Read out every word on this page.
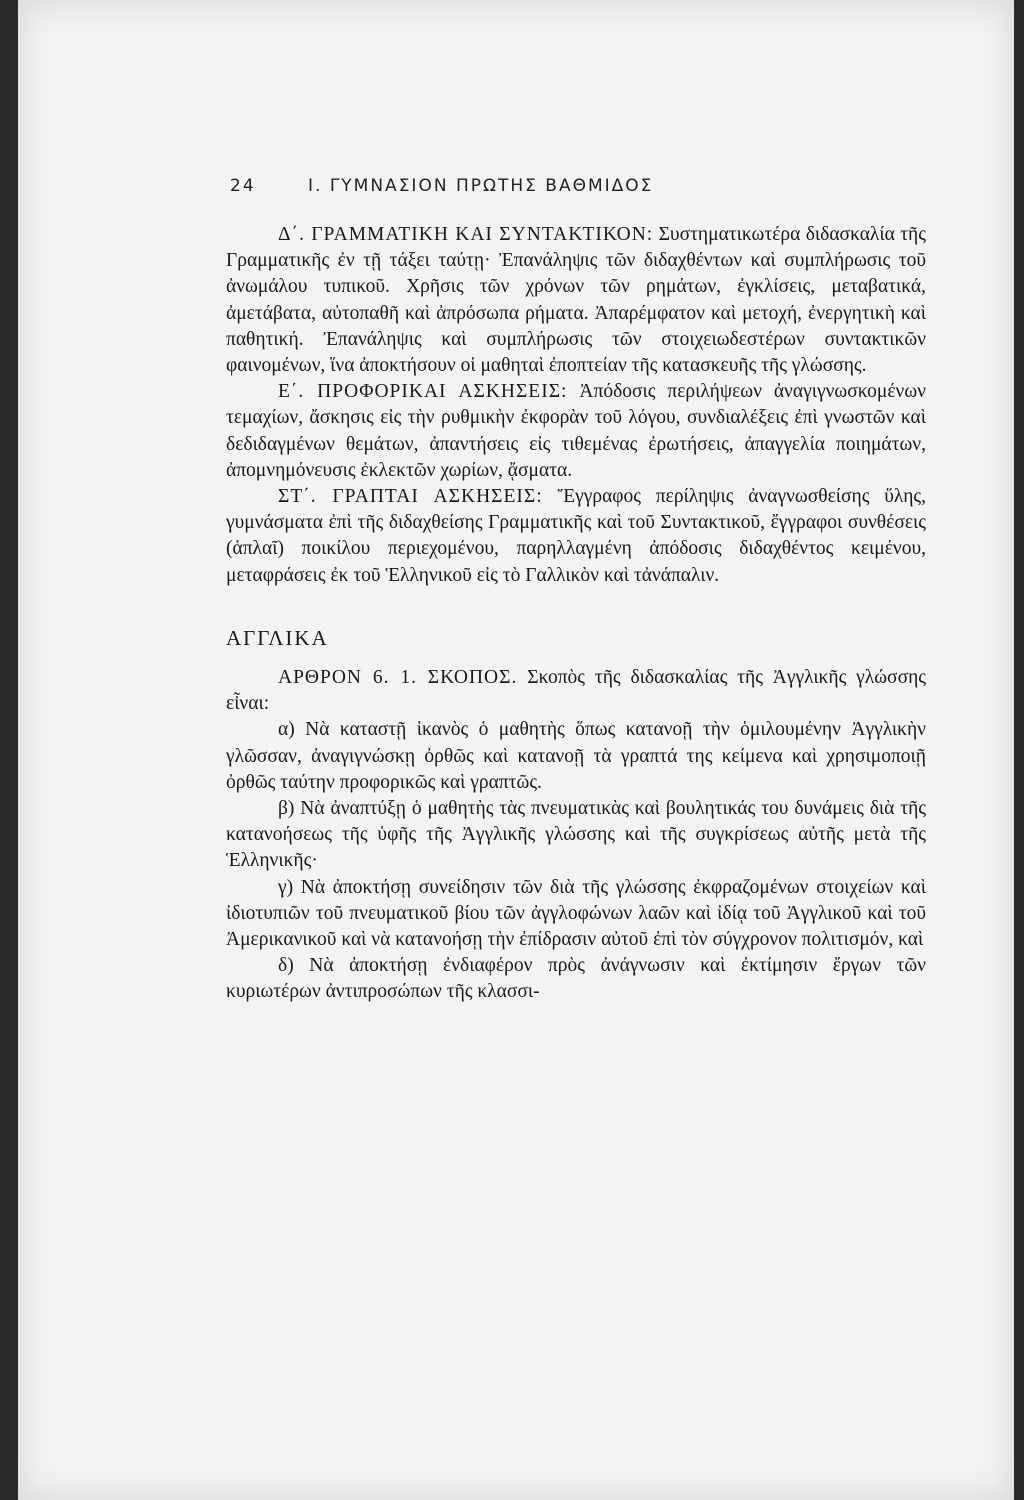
24	Ι. ΓΥΜΝΑΣΙΟΝ ΠΡΩΤΗΣ ΒΑΘΜΙΔΟΣ

Δ΄. ΓΡΑΜΜΑΤΙΚΗ ΚΑΙ ΣΥΝΤΑΚΤΙΚΟΝ: Συστηματικωτέρα διδασκαλία τῆς Γραμματικῆς ἐν τῇ τάξει ταύτῃ· Ἐπανάληψις τῶν διδαχθέντων καὶ συμπλήρωσις τοῦ ἀνωμάλου τυπικοῦ. Χρῆσις τῶν χρόνων τῶν ρημάτων, ἐγκλίσεις, μεταβατικά, ἀμετάβατα, αὐτοπαθῆ καὶ ἀπρόσωπα ρήματα. Ἀπαρέμφατον καὶ μετοχή, ἐνεργητικὴ καὶ παθητική. Ἐπανάληψις καὶ συμπλήρωσις τῶν στοιχειωδεστέρων συντακτικῶν φαινομένων, ἵνα ἀποκτήσουν οἱ μαθηταὶ ἐποπτείαν τῆς κατασκευῆς τῆς γλώσσης.

Ε΄. ΠΡΟΦΟΡΙΚΑΙ ΑΣΚΗΣΕΙΣ: Ἀπόδοσις περιλήψεων ἀναγιγνωσκομένων τεμαχίων, ἄσκησις εἰς τὴν ρυθμικὴν ἐκφορὰν τοῦ λόγου, συνδιαλέξεις ἐπὶ γνωστῶν καὶ δεδιδαγμένων θεμάτων, ἀπαντήσεις εἰς τιθεμένας ἐρωτήσεις, ἀπαγγελία ποιημάτων, ἀπομνημόνευσις ἐκλεκτῶν χωρίων, ᾄσματα.

ΣΤ΄. ΓΡΑΠΤΑΙ ΑΣΚΗΣΕΙΣ: Ἔγγραφος περίληψις ἀναγνωσθείσης ὕλης, γυμνάσματα ἐπὶ τῆς διδαχθείσης Γραμματικῆς καὶ τοῦ Συντακτικοῦ, ἔγγραφοι συνθέσεις (ἁπλαῖ) ποικίλου περιεχομένου, παρηλλαγμένη ἀπόδοσις διδαχθέντος κειμένου, μεταφράσεις ἐκ τοῦ Ἑλληνικοῦ εἰς τὸ Γαλλικὸν καὶ τἀνάπαλιν.

ΑΓΓΛΙΚΑ

ΑΡΘΡΟΝ 6. 1. ΣΚΟΠΟΣ. Σκοπὸς τῆς διδασκαλίας τῆς Ἀγγλικῆς γλώσσης εἶναι:

α) Νὰ καταστῇ ἱκανὸς ὁ μαθητὴς ὅπως κατανοῇ τὴν ὁμιλουμένην Ἀγγλικὴν γλῶσσαν, ἀναγιγνώσκῃ ὀρθῶς καὶ κατανοῇ τὰ γραπτά της κείμενα καὶ χρησιμοποιῇ ὀρθῶς ταύτην προφορικῶς καὶ γραπτῶς.

β) Νὰ ἀναπτύξῃ ὁ μαθητὴς τὰς πνευματικὰς καὶ βουλητικάς του δυνάμεις διὰ τῆς κατανοήσεως τῆς ὑφῆς τῆς Ἀγγλικῆς γλώσσης καὶ τῆς συγκρίσεως αὐτῆς μετὰ τῆς Ἑλληνικῆς·

γ) Νὰ ἀποκτήσῃ συνείδησιν τῶν διὰ τῆς γλώσσης ἐκφραζομένων στοιχείων καὶ ἰδιοτυπιῶν τοῦ πνευματικοῦ βίου τῶν ἀγγλοφώνων λαῶν καὶ ἰδίᾳ τοῦ Ἀγγλικοῦ καὶ τοῦ Ἀμερικανικοῦ καὶ νὰ κατανοήσῃ τὴν ἐπίδρασιν αὐτοῦ ἐπὶ τὸν σύγχρονον πολιτισμόν, καὶ

δ) Νὰ ἀποκτήσῃ ἐνδιαφέρον πρὸς ἀνάγνωσιν καὶ ἐκτίμησιν ἔργων τῶν κυριωτέρων ἀντιπροσώπων τῆς κλασσι-
